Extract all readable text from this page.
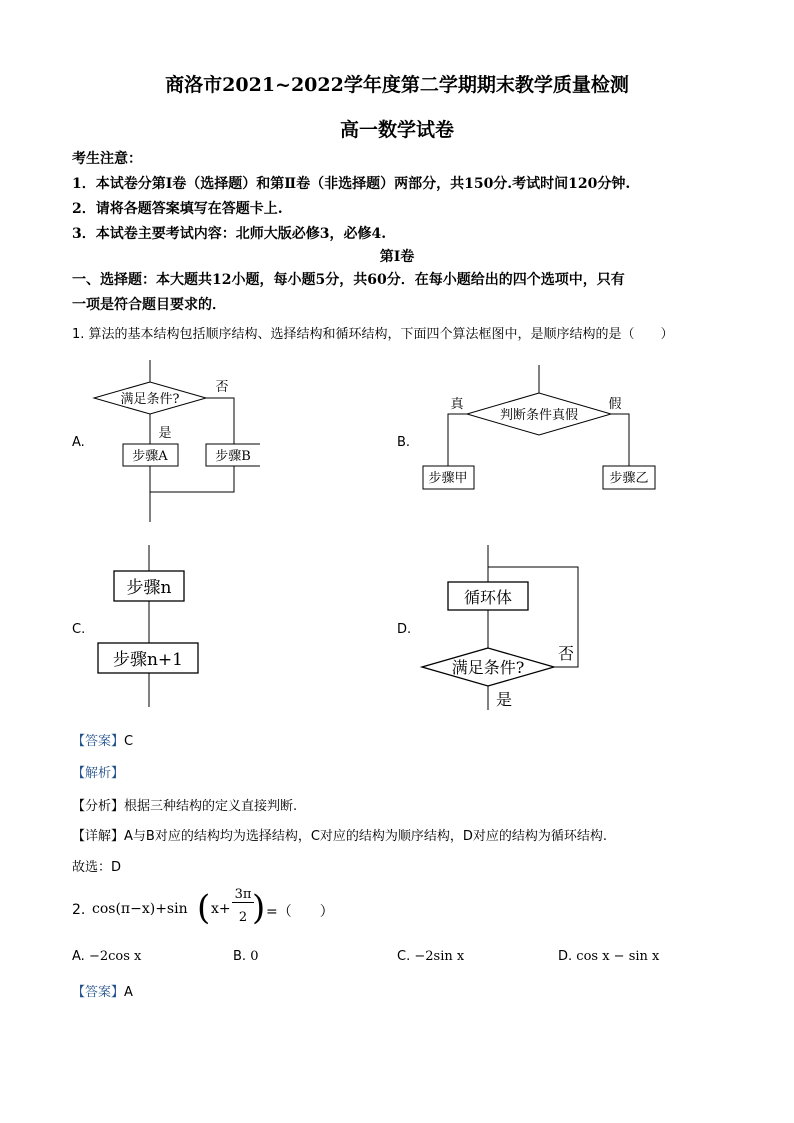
商洛市2021~2022学年度第二学期期末教学质量检测
高一数学试卷
考生注意：
1．本试卷分第Ⅰ卷（选择题）和第Ⅱ卷（非选择题）两部分，共150分.考试时间120分钟.
2．请将各题答案填写在答题卡上.
3．本试卷主要考试内容：北师大版必修3，必修4.
第Ⅰ卷
一、选择题：本大题共12小题，每小题5分，共60分．在每小题给出的四个选项中，只有
一项是符合题目要求的．
1. 算法的基本结构包括顺序结构、选择结构和循环结构，下面四个算法框图中，是顺序结构的是（　　）
A.
满足条件?
否
是
步骤A	步骤B
B.
判断条件真假
真	假
步骤甲	步骤乙
C.
步骤n
步骤n+1
D.
循环体
满足条件?
否
是
【答案】C
【解析】
【分析】根据三种结构的定义直接判断.
【详解】A与B对应的结构均为选择结构，C对应的结构为顺序结构，D对应的结构为循环结构.
故选：D
2. cos(π−x)+sin ( x+
3π
2 ) =（　　）
A. −2cos x	B. 0	C. −2sin x	D. cos x − sin x
【答案】A
